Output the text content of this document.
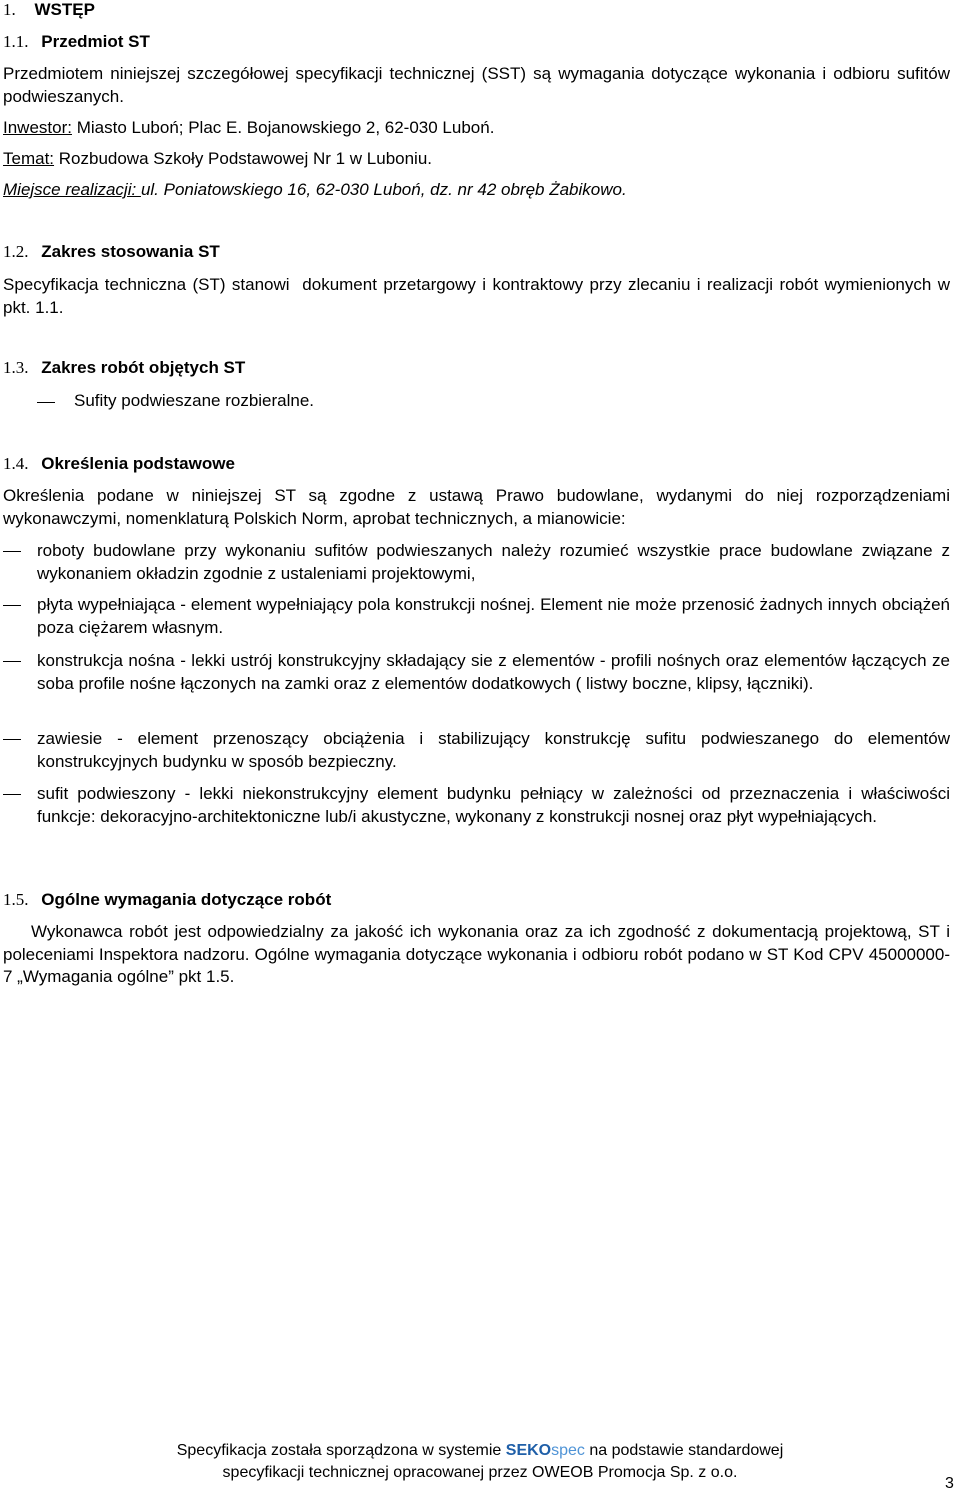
1. WSTĘP
1.1. Przedmiot ST
Przedmiotem niniejszej szczegółowej specyfikacji technicznej (SST) są wymagania dotyczące wykonania i odbioru sufitów podwieszanych.
Inwestor: Miasto Luboń; Plac E. Bojanowskiego 2, 62-030 Luboń.
Temat: Rozbudowa Szkoły Podstawowej Nr 1 w Luboniu.
Miejsce realizacji: ul. Poniatowskiego 16, 62-030 Luboń, dz. nr 42 obręb Żabikowo.
1.2. Zakres stosowania ST
Specyfikacja techniczna (ST) stanowi  dokument przetargowy i kontraktowy przy zlecaniu i realizacji robót wymienionych w pkt. 1.1.
1.3. Zakres robót objętych ST
Sufity podwieszane rozbieralne.
1.4. Określenia podstawowe
Określenia podane w niniejszej ST są zgodne z ustawą Prawo budowlane, wydanymi do niej rozporządzeniami wykonawczymi, nomenklaturą Polskich Norm, aprobat technicznych, a mianowicie:
roboty budowlane przy wykonaniu sufitów podwieszanych należy rozumieć wszystkie prace budowlane związane z wykonaniem okładzin zgodnie z ustaleniami projektowymi,
płyta wypełniająca - element wypełniający pola konstrukcji nośnej. Element nie może przenosić żadnych innych obciążeń poza ciężarem własnym.
konstrukcja nośna - lekki ustrój konstrukcyjny składający sie z elementów - profili nośnych oraz elementów łączących ze soba profile nośne łączonych na zamki oraz z elementów dodatkowych ( listwy boczne, klipsy, łączniki).
zawiesie - element przenoszący obciążenia i stabilizujący konstrukcję sufitu podwieszanego do elementów konstrukcyjnych budynku w sposób bezpieczny.
sufit podwieszony - lekki niekonstrukcyjny element budynku pełniący w zależności od przeznaczenia i właściwości funkcje: dekoracyjno-architektoniczne lub/i akustyczne, wykonany z konstrukcji nosnej oraz płyt wypełniających.
1.5. Ogólne wymagania dotyczące robót
Wykonawca robót jest odpowiedzialny za jakość ich wykonania oraz za ich zgodność z dokumentacją projektową, ST i poleceniami Inspektora nadzoru. Ogólne wymagania dotyczące wykonania i odbioru robót podano w ST Kod CPV 45000000-7 „Wymagania ogólne” pkt 1.5.
Specyfikacja została sporządzona w systemie SEKOspec na podstawie standardowej
specyfikacji technicznej opracowanej przez OWEOB Promocja Sp. z o.o.
3
